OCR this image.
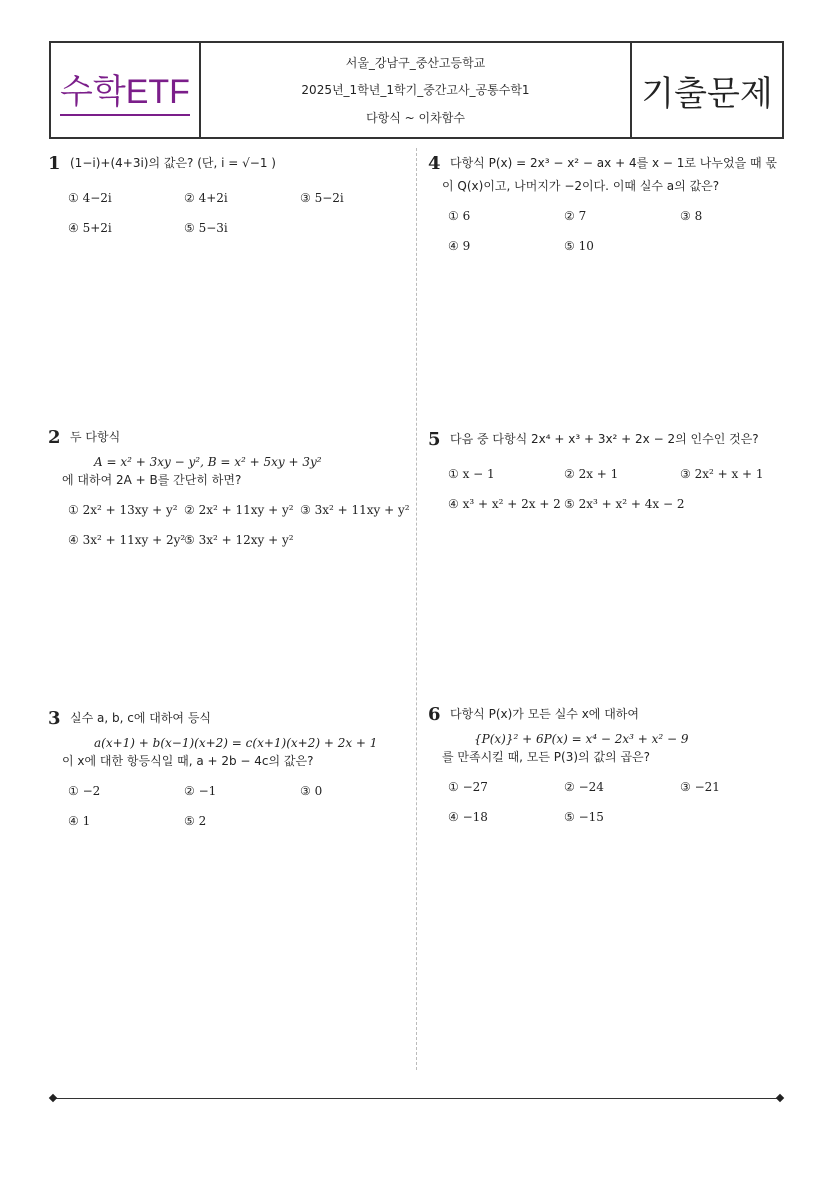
수학ETF
서울_강남구_중산고등학교
2025년_1학년_1학기_중간고사_공통수학1
다항식 ~ 이차함수
기출문제
1 (1−i)+(4+3i)의 값은? (단, i = √−1 )
① 4−2i	② 4+2i	③ 5−2i
④ 5+2i	⑤ 5−3i
2 두 다항식
A = x² + 3xy − y², B = x² + 5xy + 3y²
에 대하여 2A + B를 간단히 하면?
① 2x² + 13xy + y² ② 2x² + 11xy + y² ③ 3x² + 11xy + y²
④ 3x² + 11xy + 2y²
⑤ 3x² + 12xy + y²
3 실수 a, b, c에 대하여 등식
a(x+1) + b(x−1)(x+2) = c(x+1)(x+2) + 2x + 1
이 x에 대한 항등식일 때, a + 2b − 4c의 값은?
① −2	② −1	③ 0
④ 1	⑤ 2
4 다항식 P(x) = 2x³ − x² − ax + 4를 x − 1로 나누었을 때 몫
이 Q(x)이고, 나머지가 −2이다. 이때 실수 a의 값은?
① 6	② 7	③ 8
④ 9	⑤ 10
5 다음 중 다항식 2x⁴ + x³ + 3x² + 2x − 2의 인수인 것은?
① x − 1	② 2x + 1	③ 2x² + x + 1
④ x³ + x² + 2x + 2 ⑤ 2x³ + x² + 4x − 2
6 다항식 P(x)가 모든 실수 x에 대하여
{P(x)}² + 6P(x) = x⁴ − 2x³ + x² − 9
를 만족시킬 때, 모든 P(3)의 값의 곱은?
① −27	② −24	③ −21
④ −18	⑤ −15
